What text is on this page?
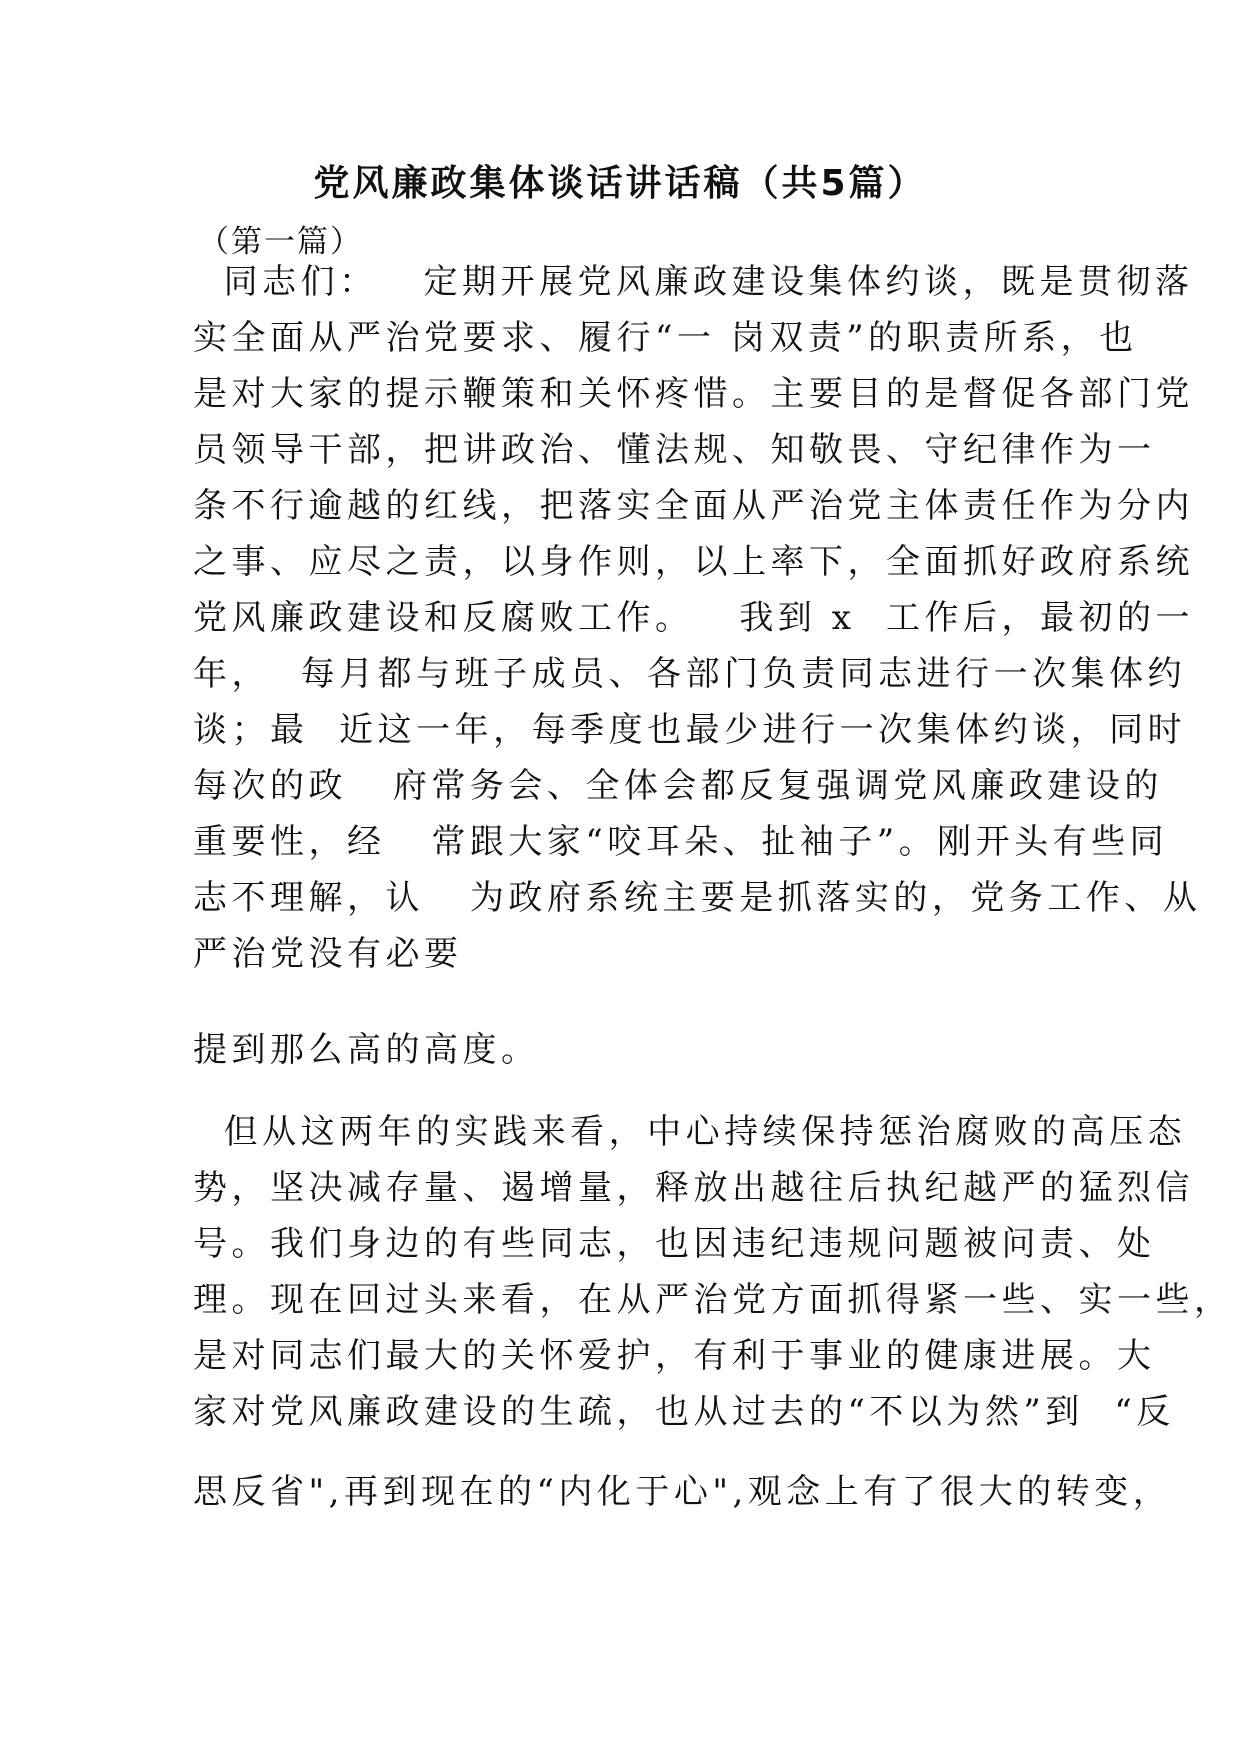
党风廉政集体谈话讲话稿（共5篇）
（第一篇）
同志们：   定期开展党风廉政建设集体约谈，既是贯彻落
实全面从严治党要求、履行“一 岗双责”的职责所系，也
是对大家的提示鞭策和关怀疼惜。主要目的是督促各部门党
员领导干部，把讲政治、懂法规、知敬畏、守纪律作为一
条不行逾越的红线，把落实全面从严治党主体责任作为分内
之事、应尽之责，以身作则，以上率下，全面抓好政府系统
党风廉政建设和反腐败工作。   我到 x  工作后，最初的一
年，  每月都与班子成员、各部门负责同志进行一次集体约
谈；最  近这一年，每季度也最少进行一次集体约谈，同时
每次的政   府常务会、全体会都反复强调党风廉政建设的
重要性，经   常跟大家“咬耳朵、扯袖子”。刚开头有些同
志不理解，认   为政府系统主要是抓落实的，党务工作、从
严治党没有必要
提到那么高的高度。
但从这两年的实践来看，中心持续保持惩治腐败的高压态
势，坚决减存量、遏增量，释放出越往后执纪越严的猛烈信
号。我们身边的有些同志，也因违纪违规问题被问责、处
理。现在回过头来看，在从严治党方面抓得紧一些、实一些，
是对同志们最大的关怀爱护，有利于事业的健康进展。大
家对党风廉政建设的生疏，也从过去的“不以为然”到  “反
思反省",再到现在的“内化于心",观念上有了很大的转变，
